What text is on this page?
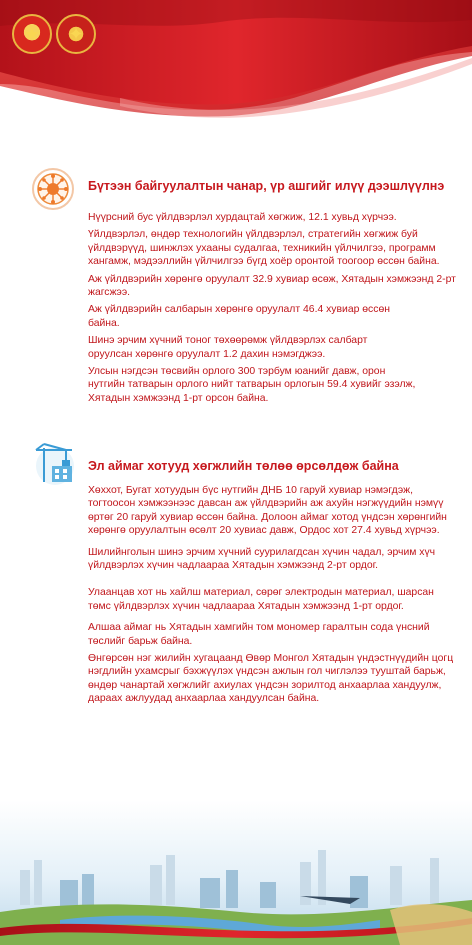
★	✦
Бүтээн байгуулалтын чанар, үр ашгийг илүү дээшлүүлнэ

Нүүрсний бус үйлдвэрлэл хурдацтай хөгжиж, 12.1 хувьд хүрчээ.

Үйлдвэрлэл, өндөр технологийн үйлдвэрлэл, стратегийн хөгжиж буй үйлдвэрүүд, шинжлэх ухааны судалгаа, техникийн үйлчилгээ, программ хангамж, мэдээллийн үйлчилгээ бүгд хоёр оронтой тоогоор өссөн байна.

Аж үйлдвэрийн хөрөнгө оруулалт 32.9 хувиар өсөж, Хятадын хэмжээнд 2-рт жагсжээ.

Аж үйлдвэрийн салбарын хөрөнгө оруулалт 46.4 хувиар өссөн байна.

Шинэ эрчим хүчний тоног төхөөрөмж үйлдвэрлэх салбарт оруулсан хөрөнгө оруулалт 1.2 дахин нэмэгджээ.

Улсын нэгдсэн төсвийн орлого 300 тэрбум юанийг давж, орон нутгийн татварын орлого нийт татварын орлогын 59.4 хувийг эзэлж, Хятадын хэмжээнд 1-рт орсон байна.

Эл аймаг хотууд хөгжлийн төлөө өрсөлдөж байна

Хөххот, Бугат хотуудын бүс нутгийн ДНБ 10 гаруй хувиар нэмэгдэж, тогтоосон хэмжээнээс давсан аж үйлдвэрийн аж ахуйн нэгжүүдийн нэмүү өртөг 20 гаруй хувиар өссөн байна. Долоон аймаг хотод үндсэн хөрөнгийн хөрөнгө оруулалтын өсөлт 20 хувиас давж, Ордос хот 27.4 хувьд хүрчээ.

Шилийнголын шинэ эрчим хүчний суурилагдсан хүчин чадал, эрчим хүч үйлдвэрлэх хүчин чадлаараа Хятадын хэмжээнд 2-рт ордог.

Улаанцав хот нь хайлш материал, сөрөг электродын материал, шарсан төмс үйлдвэрлэх хүчин чадлаараа Хятадын хэмжээнд 1-рт ордог.

Алшаа аймаг нь Хятадын хамгийн том мономер гаралтын сода үнсний төслийг барьж байна.

Өнгөрсөн нэг жилийн хугацаанд Өвөр Монгол Хятадын үндэстнүүдийн цогц нэгдлийн ухамсрыг бэхжүүлэх үндсэн ажлын гол чиглэлээ тууштай барьж, өндөр чанартай хөгжлийг ахиулах үндсэн зорилтод анхаарлаа хандуулж, дараах ажлуудад анхаарлаа хандуулсан байна.
